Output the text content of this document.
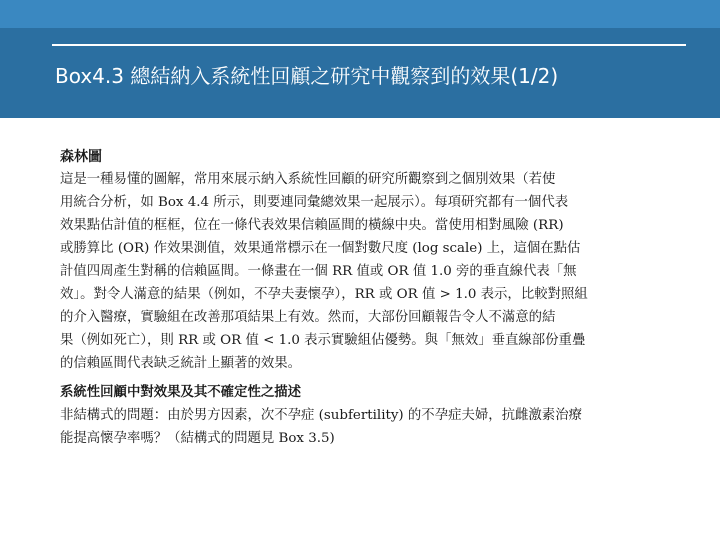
Box4.3 總結納入系統性回顧之研究中觀察到的效果(1/2)

森林圖

這是一種易懂的圖解，常用來展示納入系統性回顧的研究所觀察到之個別效果（若使

用統合分析，如 Box 4.4 所示，則要連同彙總效果一起展示）。每項研究都有一個代表

效果點估計值的框框，位在一條代表效果信賴區間的橫線中央。當使用相對風險 (RR)

或勝算比 (OR) 作效果測值，效果通常標示在一個對數尺度 (log scale) 上，這個在點估

計值四周產生對稱的信賴區間。一條畫在一個 RR 值或 OR 值 1.0 旁的垂直線代表「無

效」。對令人滿意的結果（例如，不孕夫妻懷孕），RR 或 OR 值 > 1.0 表示，比較對照組

的介入醫療，實驗組在改善那項結果上有效。然而，大部份回顧報告令人不滿意的結

果（例如死亡），則 RR 或 OR 值 < 1.0 表示實驗組佔優勢。與「無效」垂直線部份重疊

的信賴區間代表缺乏統計上顯著的效果。

系統性回顧中對效果及其不確定性之描述

非結構式的問題：由於男方因素，次不孕症 (subfertility) 的不孕症夫婦，抗雌激素治療

能提高懷孕率嗎？（結構式的問題見 Box 3.5)
